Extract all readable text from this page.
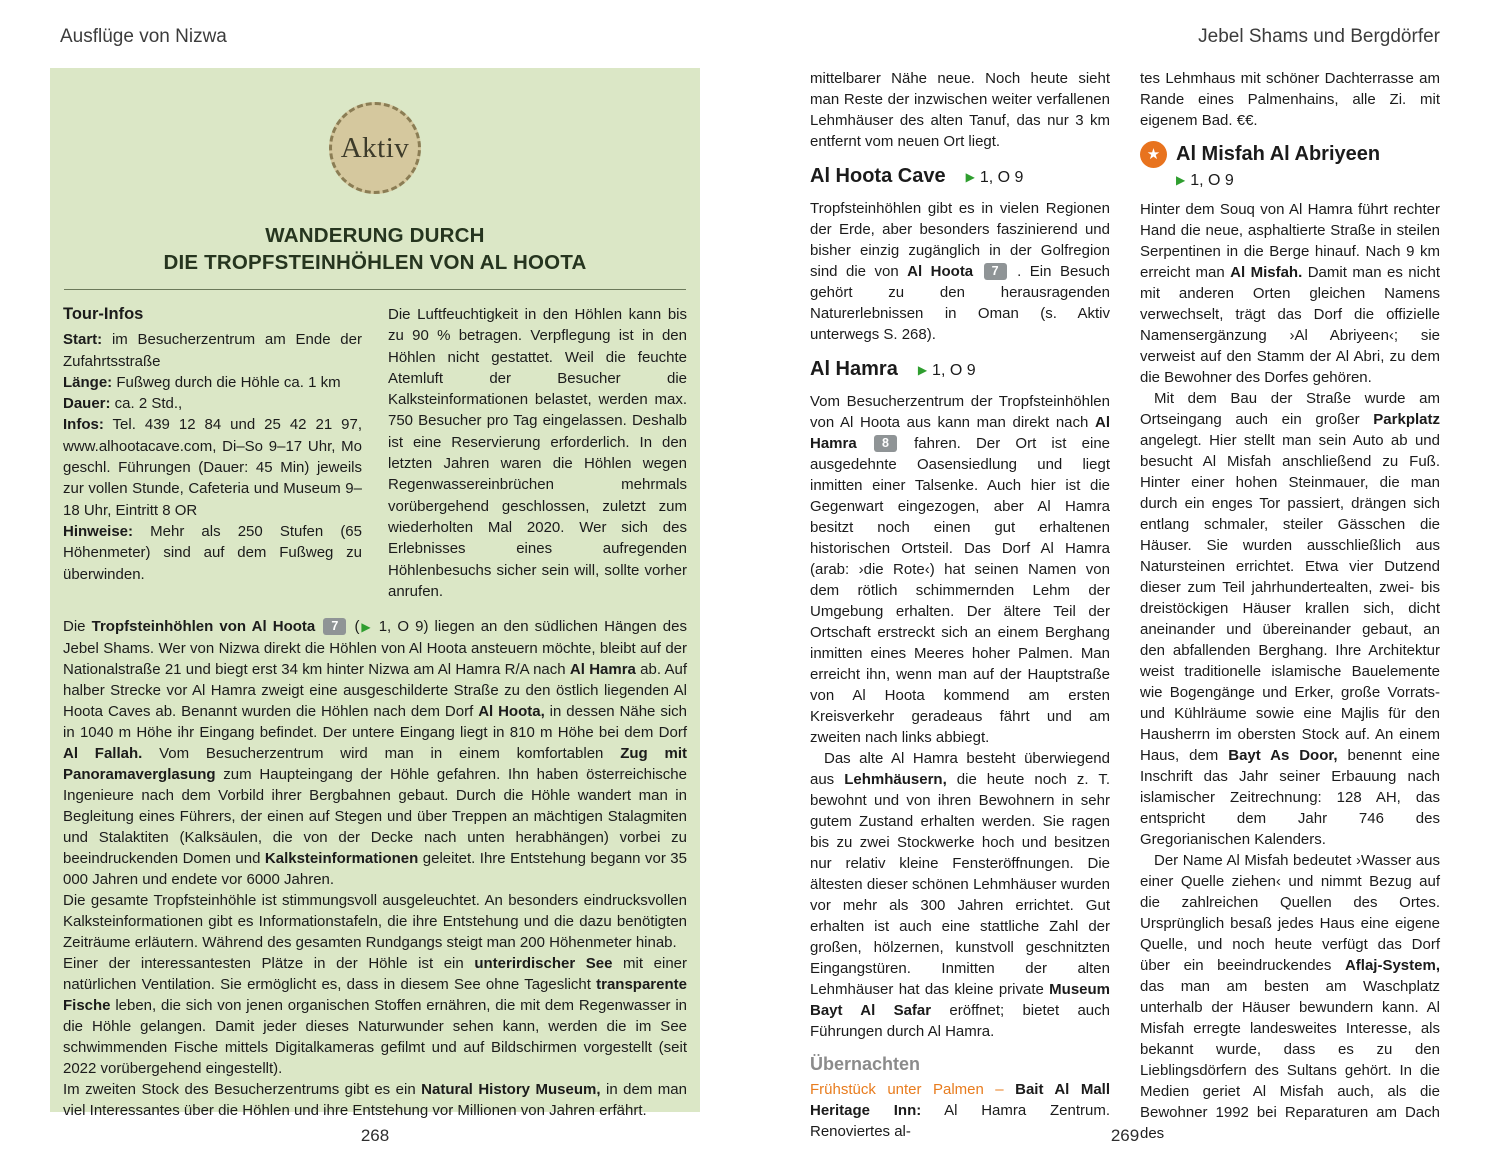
Ausflüge von Nizwa	Jebel Shams und Bergdörfer
Aktiv
WANDERUNG DURCH
DIE TROPFSTEINHÖHLEN VON AL HOOTA
Tour-Infos
Start: im Besucherzentrum am Ende der Zufahrtsstraße
Länge: Fußweg durch die Höhle ca. 1 km
Dauer: ca. 2 Std.,
Infos: Tel. 439 12 84 und 25 42 21 97, www.alhootacave.com, Di–So 9–17 Uhr, Mo geschl. Führungen (Dauer: 45 Min) jeweils zur vollen Stunde, Cafeteria und Museum 9–18 Uhr, Eintritt 8 OR
Hinweise: Mehr als 250 Stufen (65 Höhenmeter) sind auf dem Fußweg zu überwinden.
Die Luftfeuchtigkeit in den Höhlen kann bis zu 90 % betragen. Verpflegung ist in den Höhlen nicht gestattet. Weil die feuchte Atemluft der Besucher die Kalksteinformationen belastet, werden max. 750 Besucher pro Tag eingelassen. Deshalb ist eine Reservierung erforderlich. In den letzten Jahren waren die Höhlen wegen Regenwassereinbrüchen mehrmals vorübergehend geschlossen, zuletzt zum wiederholten Mal 2020. Wer sich des Erlebnisses eines aufregenden Höhlenbesuchs sicher sein will, sollte vorher anrufen.
Die Tropfsteinhöhlen von Al Hoota 7 (▶ 1, O 9) liegen an den südlichen Hängen des Jebel Shams. Wer von Nizwa direkt die Höhlen von Al Hoota ansteuern möchte, bleibt auf der Nationalstraße 21 und biegt erst 34 km hinter Nizwa am Al Hamra R/A nach Al Hamra ab. Auf halber Strecke vor Al Hamra zweigt eine ausgeschilderte Straße zu den östlich liegenden Al Hoota Caves ab. Benannt wurden die Höhlen nach dem Dorf Al Hoota, in dessen Nähe sich in 1040 m Höhe ihr Eingang befindet. Der untere Eingang liegt in 810 m Höhe bei dem Dorf Al Fallah. Vom Besucherzentrum wird man in einem komfortablen Zug mit Panoramaverglasung zum Haupteingang der Höhle gefahren. Ihn haben österreichische Ingenieure nach dem Vorbild ihrer Bergbahnen gebaut. Durch die Höhle wandert man in Begleitung eines Führers, der einen auf Stegen und über Treppen an mächtigen Stalagmiten und Stalaktiten (Kalksäulen, die von der Decke nach unten herabhängen) vorbei zu beeindruckenden Domen und Kalksteinformationen geleitet. Ihre Entstehung begann vor 35 000 Jahren und endete vor 6000 Jahren.
Die gesamte Tropfsteinhöhle ist stimmungsvoll ausgeleuchtet. An besonders eindrucksvollen Kalksteinformationen gibt es Informationstafeln, die ihre Entstehung und die dazu benötigten Zeiträume erläutern. Während des gesamten Rundgangs steigt man 200 Höhenmeter hinab.
Einer der interessantesten Plätze in der Höhle ist ein unterirdischer See mit einer natürlichen Ventilation. Sie ermöglicht es, dass in diesem See ohne Tageslicht transparente Fische leben, die sich von jenen organischen Stoffen ernähren, die mit dem Regenwasser in die Höhle gelangen. Damit jeder dieses Naturwunder sehen kann, werden die im See schwimmenden Fische mittels Digitalkameras gefilmt und auf Bildschirmen vorgestellt (seit 2022 vorübergehend eingestellt).
Im zweiten Stock des Besucherzentrums gibt es ein Natural History Museum, in dem man viel Interessantes über die Höhlen und ihre Entstehung vor Millionen von Jahren erfährt.

mittelbarer Nähe neue. Noch heute sieht man Reste der inzwischen weiter verfallenen Lehmhäuser des alten Tanuf, das nur 3 km entfernt vom neuen Ort liegt.

Al Hoota Cave ▶ 1, O 9

Tropfsteinhöhlen gibt es in vielen Regionen der Erde, aber besonders faszinierend und bisher einzig zugänglich in der Golfregion sind die von Al Hoota 7 . Ein Besuch gehört zu den herausragenden Naturerlebnissen in Oman (s. Aktiv unterwegs S. 268).

Al Hamra ▶ 1, O 9

Vom Besucherzentrum der Tropfsteinhöhlen von Al Hoota aus kann man direkt nach Al Hamra 8 fahren. Der Ort ist eine ausgedehnte Oasensiedlung und liegt inmitten einer Talsenke. Auch hier ist die Gegenwart eingezogen, aber Al Hamra besitzt noch einen gut erhaltenen historischen Ortsteil. Das Dorf Al Hamra (arab: ›die Rote‹) hat seinen Namen von dem rötlich schimmernden Lehm der Umgebung erhalten. Der ältere Teil der Ortschaft erstreckt sich an einem Berghang inmitten eines Meeres hoher Palmen. Man erreicht ihn, wenn man auf der Hauptstraße von Al Hoota kommend am ersten Kreisverkehr geradeaus fährt und am zweiten nach links abbiegt.

Das alte Al Hamra besteht überwiegend aus Lehmhäusern, die heute noch z. T. bewohnt und von ihren Bewohnern in sehr gutem Zustand erhalten werden. Sie ragen bis zu zwei Stockwerke hoch und besitzen nur relativ kleine Fensteröffnungen. Die ältesten dieser schönen Lehmhäuser wurden vor mehr als 300 Jahren errichtet. Gut erhalten ist auch eine stattliche Zahl der großen, hölzernen, kunstvoll geschnitzten Eingangstüren. Inmitten der alten Lehmhäuser hat das kleine private Museum Bayt Al Safar eröffnet; bietet auch Führungen durch Al Hamra.

Übernachten

Frühstück unter Palmen – Bait Al Mall Heritage Inn: Al Hamra Zentrum. Renoviertes al-

tes Lehmhaus mit schöner Dachterrasse am Rande eines Palmenhains, alle Zi. mit eigenem Bad. €€.

★ Al Misfah Al Abriyeen
▶ 1, O 9

Hinter dem Souq von Al Hamra führt rechter Hand die neue, asphaltierte Straße in steilen Serpentinen in die Berge hinauf. Nach 9 km erreicht man Al Misfah. Damit man es nicht mit anderen Orten gleichen Namens verwechselt, trägt das Dorf die offizielle Namensergänzung ›Al Abriyeen‹; sie verweist auf den Stamm der Al Abri, zu dem die Bewohner des Dorfes gehören.

Mit dem Bau der Straße wurde am Ortseingang auch ein großer Parkplatz angelegt. Hier stellt man sein Auto ab und besucht Al Misfah anschließend zu Fuß. Hinter einer hohen Steinmauer, die man durch ein enges Tor passiert, drängen sich entlang schmaler, steiler Gässchen die Häuser. Sie wurden ausschließlich aus Natursteinen errichtet. Etwa vier Dutzend dieser zum Teil jahrhundertealten, zwei- bis dreistöckigen Häuser krallen sich, dicht aneinander und übereinander gebaut, an den abfallenden Berghang. Ihre Architektur weist traditionelle islamische Bauelemente wie Bogengänge und Erker, große Vorrats- und Kühlräume sowie eine Majlis für den Hausherrn im obersten Stock auf. An einem Haus, dem Bayt As Door, benennt eine Inschrift das Jahr seiner Erbauung nach islamischer Zeitrechnung: 128 AH, das entspricht dem Jahr 746 des Gregorianischen Kalenders.

Der Name Al Misfah bedeutet ›Wasser aus einer Quelle ziehen‹ und nimmt Bezug auf die zahlreichen Quellen des Ortes. Ursprünglich besaß jedes Haus eine eigene Quelle, und noch heute verfügt das Dorf über ein beeindruckendes Aflaj-System, das man am besten am Waschplatz unterhalb der Häuser bewundern kann. Al Misfah erregte landesweites Interesse, als bekannt wurde, dass es zu den Lieblingsdörfern des Sultans gehört. In die Medien geriet Al Misfah auch, als die Bewohner 1992 bei Reparaturen am Dach des

268	269
